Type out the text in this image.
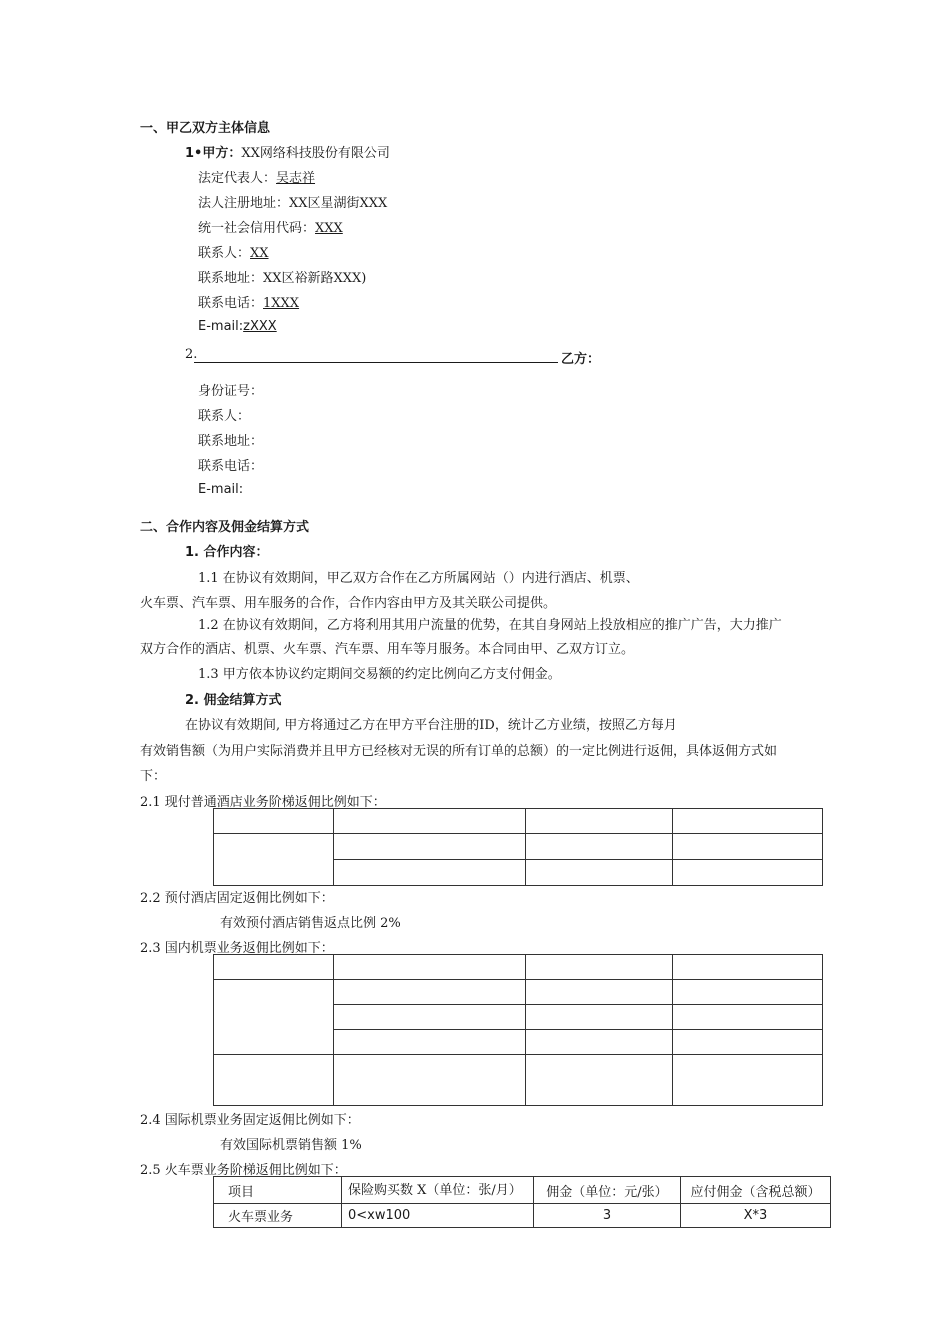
一、甲乙双方主体信息
1•甲方：XX网络科技股份有限公司
法定代表人：吴志祥
法人注册地址：XX区星湖街XXX
统一社会信用代码：XXX
联系人：XX
联系地址：XX区裕新路XXX)
联系电话：1XXX
E-mail:zXXX
2.	乙方：
身份证号：
联系人：
联系地址：
联系电话：
E-mail:
二、合作内容及佣金结算方式
1. 合作内容：
1.1 在协议有效期间，甲乙双方合作在乙方所属网站（）内进行酒店、机票、
火车票、汽车票、用车服务的合作，合作内容由甲方及其关联公司提供。
1.2 在协议有效期间，乙方将利用其用户流量的优势，在其自身网站上投放相应的推广广告，大力推广
双方合作的酒店、机票、火车票、汽车票、用车等月服务。本合同由甲、乙双方订立。
1.3 甲方依本协议约定期间交易额的约定比例向乙方支付佣金。
2. 佣金结算方式
在协议有效期间, 甲方将通过乙方在甲方平台注册的ID，统计乙方业绩，按照乙方每月
有效销售额（为用户实际消费并且甲方已经核对无误的所有订单的总额）的一定比例进行返佣，具体返佣方式如
下：
2.1 现付普通酒店业务阶梯返佣比例如下：

2.2 预付酒店固定返佣比例如下：
有效预付酒店销售返点比例 2%
2.3 国内机票业务返佣比例如下：

2.4 国际机票业务固定返佣比例如下：
有效国际机票销售额 1%
2.5 火车票业务阶梯返佣比例如下：
项目	保险购买数 X（单位：张/月）	佣金（单位：元/张）	应付佣金（含税总额）
火车票业务	0<xw100	3	X*3
